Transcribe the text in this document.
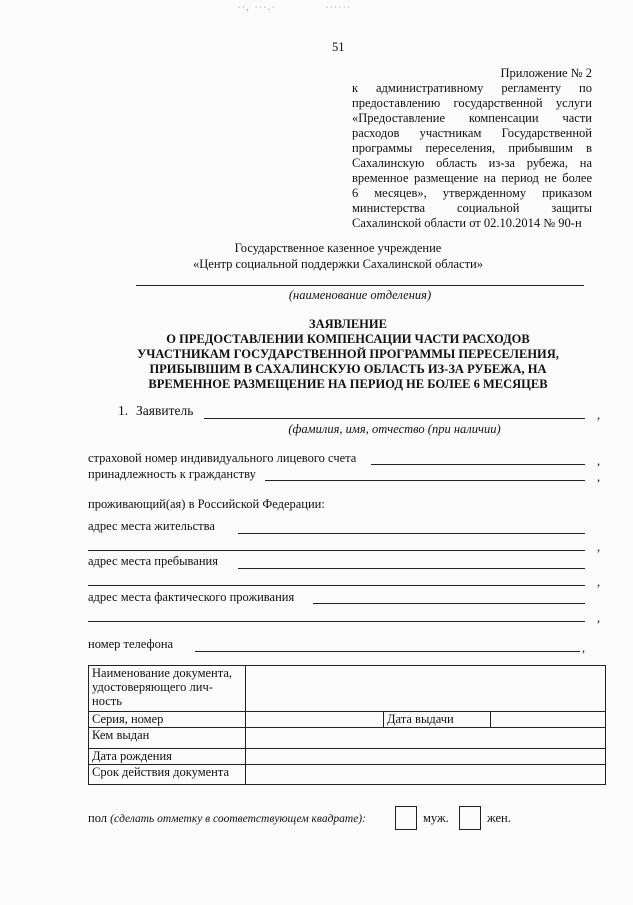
∙∙, ∙∙∙.∙	∙∙∙∙∙∙
51
Приложение № 2
к административному регламенту по
предоставлению государственной услуги
«Предоставление компенсации части
расходов участникам Государственной
программы переселения, прибывшим в
Сахалинскую область из-за рубежа, на
временное размещение на период не более
6 месяцев», утвержденному приказом
министерства социальной защиты
Сахалинской области от 02.10.2014 № 90-н
Государственное казенное учреждение
«Центр социальной поддержки Сахалинской области»
(наименование отделения)
ЗАЯВЛЕНИЕ
О ПРЕДОСТАВЛЕНИИ КОМПЕНСАЦИИ ЧАСТИ РАСХОДОВ
УЧАСТНИКАМ ГОСУДАРСТВЕННОЙ ПРОГРАММЫ ПЕРЕСЕЛЕНИЯ,
ПРИБЫВШИМ В САХАЛИНСКУЮ ОБЛАСТЬ ИЗ-ЗА РУБЕЖА, НА
ВРЕМЕННОЕ РАЗМЕЩЕНИЕ НА ПЕРИОД НЕ БОЛЕЕ 6 МЕСЯЦЕВ
1. Заявитель	,
(фамилия, имя, отчество (при наличии)
страховой номер индивидуального лицевого счета	,
принадлежность к гражданству	,
проживающий(ая) в Российской Федерации:
адрес места жительства
,
адрес места пребывания
,
адрес места фактического проживания
,
номер телефона	,
Наименование документа,
удостоверяющего лич-
ность			

Серия, номер		Дата выдачи	
Кем выдан			
Дата рождения			
Срок действия документа			
пол (сделать отметку в соответствующем квадрате):	муж.	жен.
